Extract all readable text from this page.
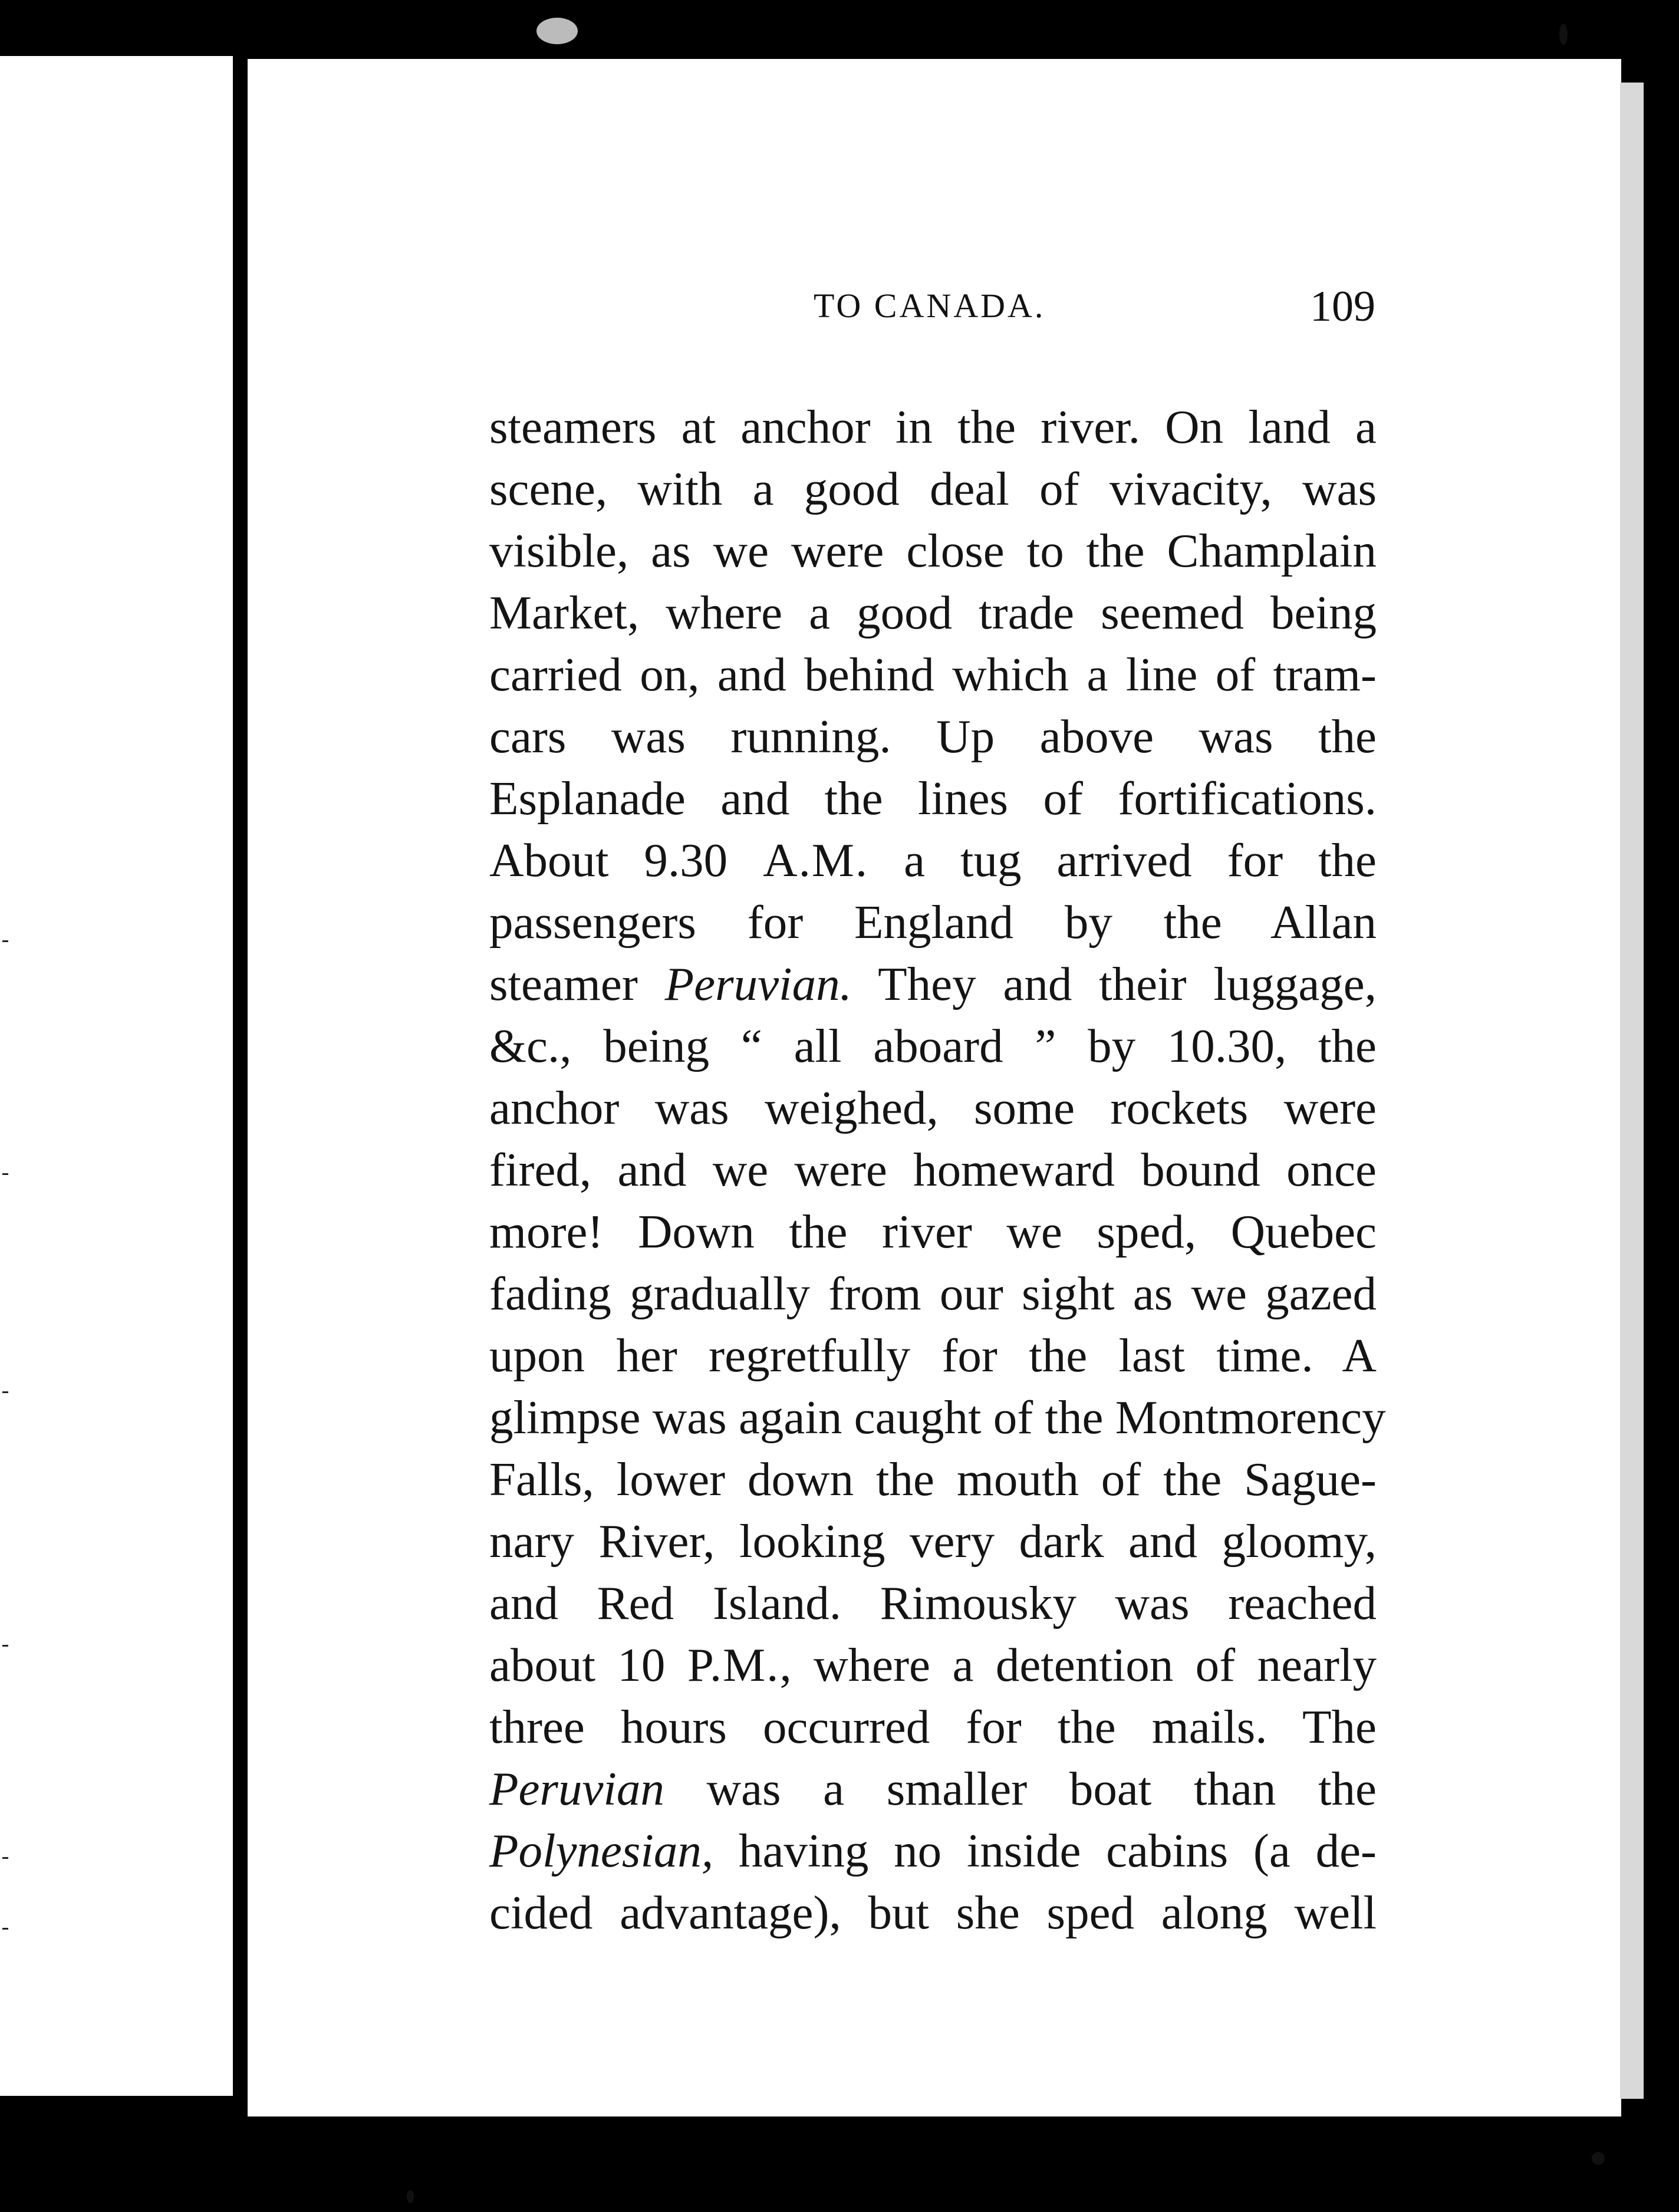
TO CANADA.	109
steamers at anchor in the river. On land a
scene, with a good deal of vivacity, was
visible, as we were close to the Champlain
Market, where a good trade seemed being
carried on, and behind which a line of tram-
cars was running. Up above was the
Esplanade and the lines of fortifications.
About 9.30 A.M. a tug arrived for the
passengers for England by the Allan
steamer Peruvian. They and their luggage,
&c., being “ all aboard ” by 10.30, the
anchor was weighed, some rockets were
fired, and we were homeward bound once
more! Down the river we sped, Quebec
fading gradually from our sight as we gazed
upon her regretfully for the last time. A
glimpse was again caught of the Montmorency
Falls, lower down the mouth of the Sague-
nary River, looking very dark and gloomy,
and Red Island. Rimousky was reached
about 10 P.M., where a detention of nearly
three hours occurred for the mails. The
Peruvian was a smaller boat than the
Polynesian, having no inside cabins (a de-
cided advantage), but she sped along well
